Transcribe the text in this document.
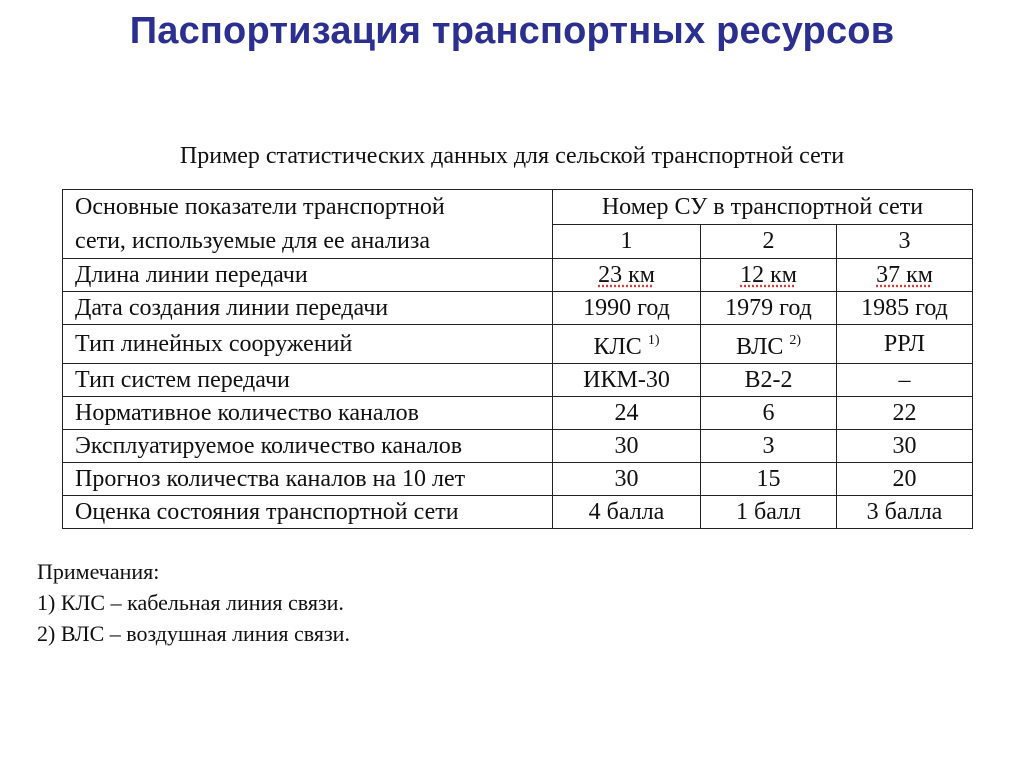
Паспортизация транспортных ресурсов
Пример статистических данных для сельской транспортной сети
Основные показатели транспортной
сети, используемые для ее анализа	Номер СУ в транспортной сети		
	1	2	3
Длина линии передачи	23 км	12 км	37 км
Дата создания линии передачи	1990 год	1979 год	1985 год
Тип линейных сооружений	КЛС $^{1)}$	ВЛС $^{2)}$	РРЛ
Тип систем передачи	ИКМ-30	В2-2	–
Нормативное количество каналов	24	6	22
Эксплуатируемое количество каналов	30	3	30
Прогноз количества каналов на 10 лет	30	15	20
Оценка состояния транспортной сети	4 балла	1 балл	3 балла
Примечания:
1) КЛС – кабельная линия связи.
2) ВЛС – воздушная линия связи.
